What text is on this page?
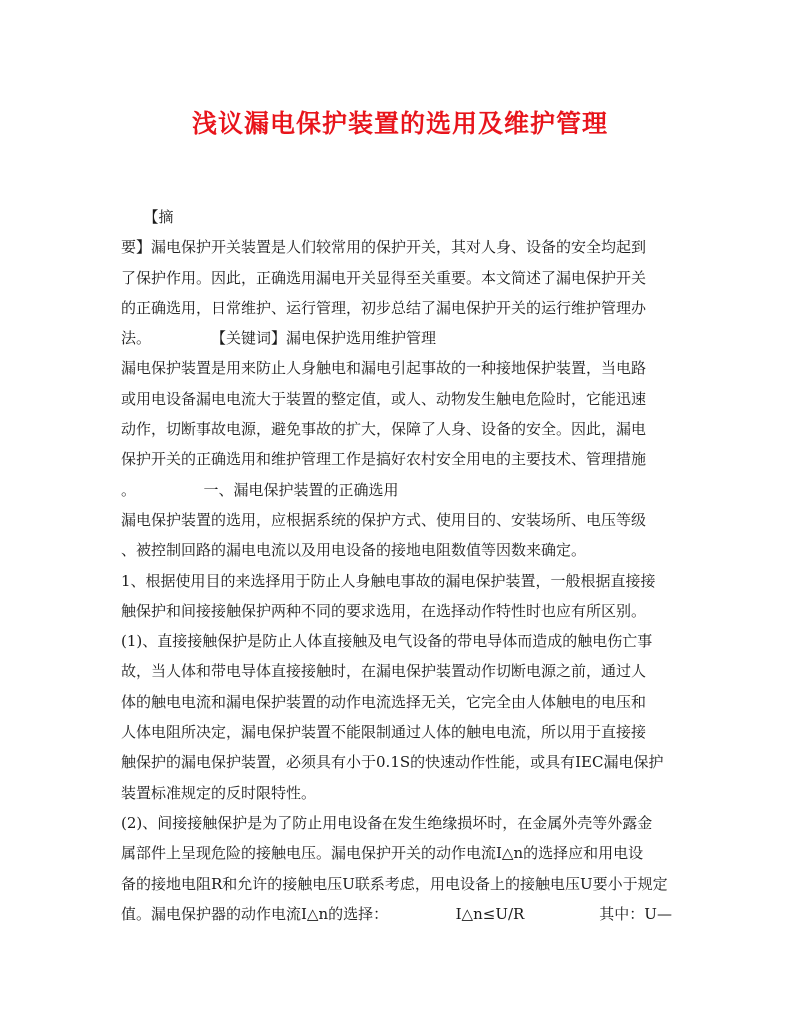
浅议漏电保护装置的选用及维护管理
　　【摘
要】漏电保护开关装置是人们较常用的保护开关，其对人身、设备的安全均起到
了保护作用。因此，正确选用漏电开关显得至关重要。本文简述了漏电保护开关
的正确选用，日常维护、运行管理，初步总结了漏电保护开关的运行维护管理办
法。　　　　　【关键词】漏电保护选用维护管理
漏电保护装置是用来防止人身触电和漏电引起事故的一种接地保护装置，当电路
或用电设备漏电电流大于装置的整定值，或人、动物发生触电危险时，它能迅速
动作，切断事故电源，避免事故的扩大，保障了人身、设备的安全。因此，漏电
保护开关的正确选用和维护管理工作是搞好农村安全用电的主要技术、管理措施
。　　　　　一、漏电保护装置的正确选用
漏电保护装置的选用，应根据系统的保护方式、使用目的、安装场所、电压等级
、被控制回路的漏电电流以及用电设备的接地电阻数值等因数来确定。
1、根据使用目的来选择用于防止人身触电事故的漏电保护装置，一般根据直接接
触保护和间接接触保护两种不同的要求选用，在选择动作特性时也应有所区别。
(1)、直接接触保护是防止人体直接触及电气设备的带电导体而造成的触电伤亡事
故，当人体和带电导体直接接触时，在漏电保护装置动作切断电源之前，通过人
体的触电电流和漏电保护装置的动作电流选择无关，它完全由人体触电的电压和
人体电阻所决定，漏电保护装置不能限制通过人体的触电电流，所以用于直接接
触保护的漏电保护装置，必须具有小于0.1S的快速动作性能，或具有IEC漏电保护
装置标准规定的反时限特性。
(2)、间接接触保护是为了防止用电设备在发生绝缘损坏时，在金属外壳等外露金
属部件上呈现危险的接触电压。漏电保护开关的动作电流I△n的选择应和用电设
备的接地电阻R和允许的接触电压U联系考虑，用电设备上的接触电压U要小于规定
值。漏电保护器的动作电流I△n的选择：　　　　　I△n≤U/R　　　　　其中：U—
